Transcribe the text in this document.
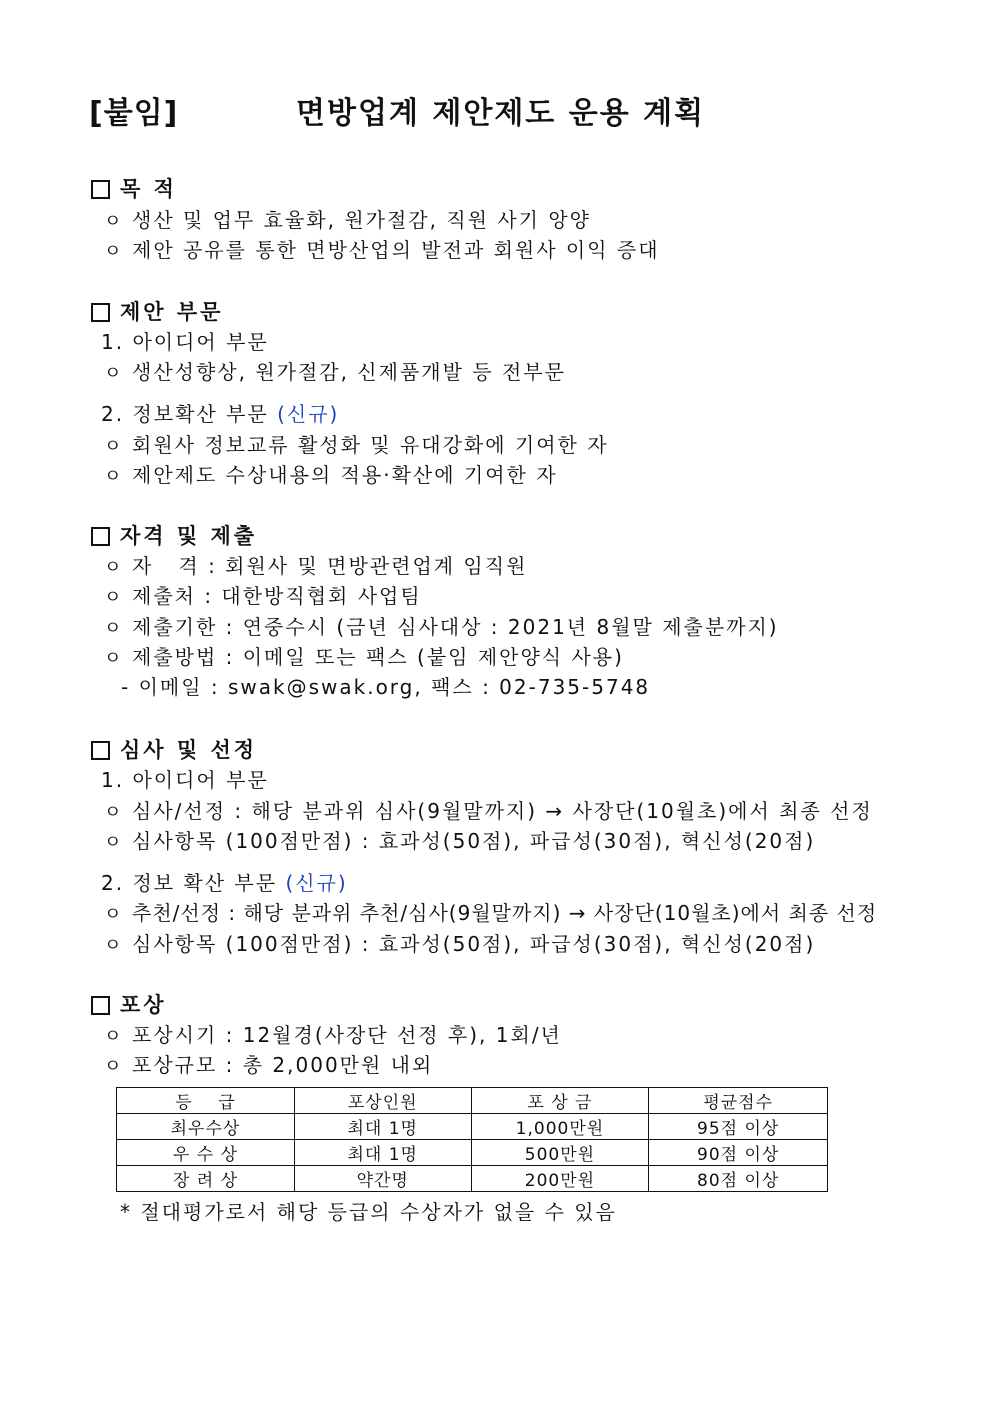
[붙임]	면방업계 제안제도 운용 계획
목 적
ㅇ 생산 및 업무 효율화, 원가절감, 직원 사기 앙양
ㅇ 제안 공유를 통한 면방산업의 발전과 회원사 이익 증대
제안 부문
1. 아이디어 부문
ㅇ 생산성향상, 원가절감, 신제품개발 등 전부문
2. 정보확산 부문 (신규)
ㅇ 회원사 정보교류 활성화 및 유대강화에 기여한 자
ㅇ 제안제도 수상내용의 적용·확산에 기여한 자
자격 및 제출
ㅇ 자   격 : 회원사 및 면방관련업계 임직원
ㅇ 제출처 : 대한방직협회 사업팀
ㅇ 제출기한 : 연중수시 (금년 심사대상 : 2021년 8월말 제출분까지)
ㅇ 제출방법 : 이메일 또는 팩스 (붙임 제안양식 사용)
- 이메일 : swak@swak.org, 팩스 : 02-735-5748
심사 및 선정
1. 아이디어 부문
ㅇ 심사/선정 : 해당 분과위 심사(9월말까지) → 사장단(10월초)에서 최종 선정
ㅇ 심사항목 (100점만점) : 효과성(50점), 파급성(30점), 혁신성(20점)
2. 정보 확산 부문 (신규)
ㅇ 추천/선정 : 해당 분과위 추천/심사(9월말까지) → 사장단(10월초)에서 최종 선정
ㅇ 심사항목 (100점만점) : 효과성(50점), 파급성(30점), 혁신성(20점)
포상
ㅇ 포상시기 : 12월경(사장단 선정 후), 1회/년
ㅇ 포상규모 : 총 2,000만원 내외
등    급	포상인원	포 상 금	평균점수
최우수상	최대 1명	1,000만원	95점 이상
우 수 상	최대 1명	500만원	90점 이상
장 려 상	약간명	200만원	80점 이상
* 절대평가로서 해당 등급의 수상자가 없을 수 있음
